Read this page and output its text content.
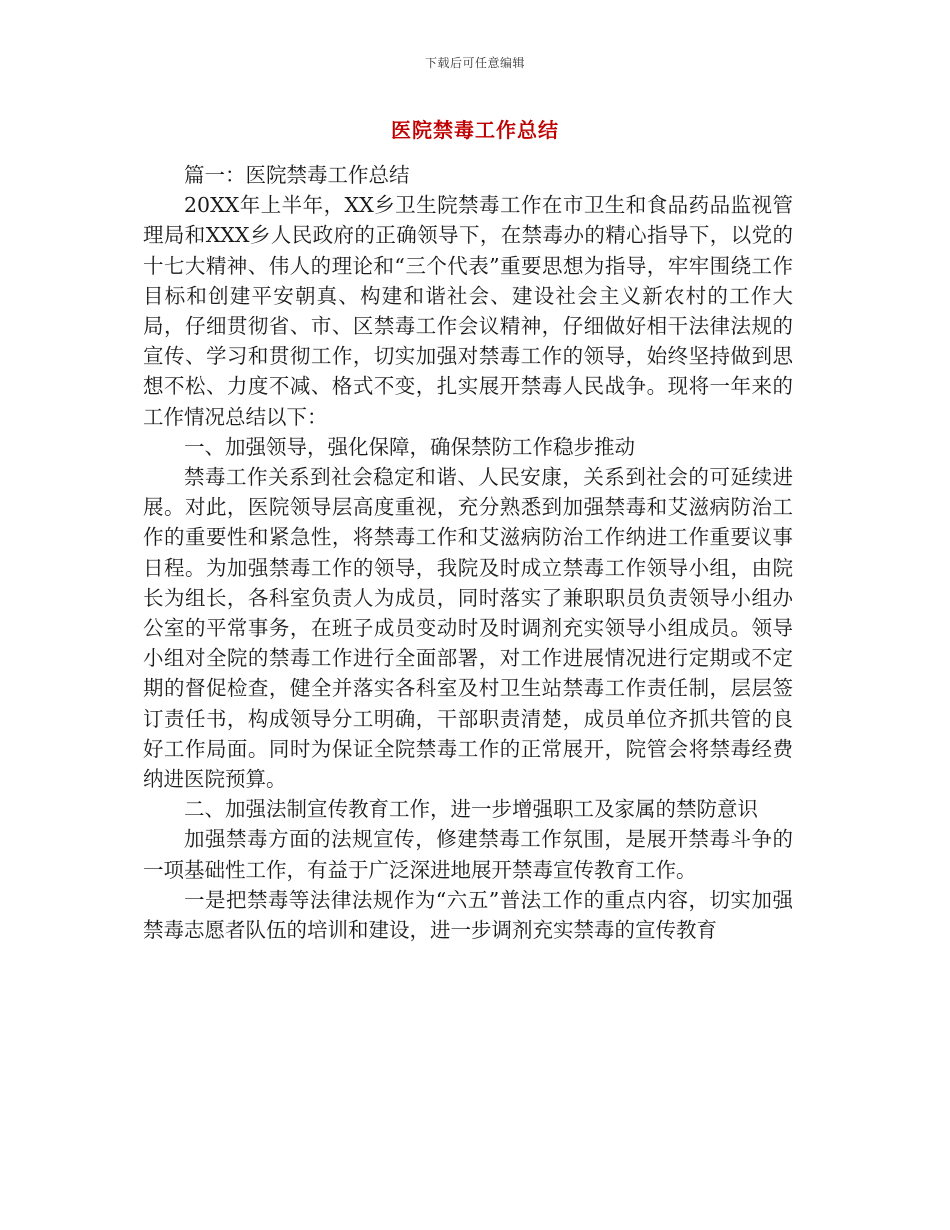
下载后可任意编辑
医院禁毒工作总结

篇一：医院禁毒工作总结

20XX年上半年，XX乡卫生院禁毒工作在市卫生和食品药品监视管理局和XXX乡人民政府的正确领导下，在禁毒办的精心指导下，以党的十七大精神、伟人的理论和“三个代表”重要思想为指导，牢牢围绕工作目标和创建平安朝真、构建和谐社会、建设社会主义新农村的工作大局，仔细贯彻省、市、区禁毒工作会议精神，仔细做好相干法律法规的宣传、学习和贯彻工作，切实加强对禁毒工作的领导，始终坚持做到思想不松、力度不减、格式不变，扎实展开禁毒人民战争。现将一年来的工作情况总结以下：

一、加强领导，强化保障，确保禁防工作稳步推动

禁毒工作关系到社会稳定和谐、人民安康，关系到社会的可延续进展。对此，医院领导层高度重视，充分熟悉到加强禁毒和艾滋病防治工作的重要性和紧急性，将禁毒工作和艾滋病防治工作纳进工作重要议事日程。为加强禁毒工作的领导，我院及时成立禁毒工作领导小组，由院长为组长，各科室负责人为成员，同时落实了兼职职员负责领导小组办公室的平常事务，在班子成员变动时及时调剂充实领导小组成员。领导小组对全院的禁毒工作进行全面部署，对工作进展情况进行定期或不定期的督促检查，健全并落实各科室及村卫生站禁毒工作责任制，层层签订责任书，构成领导分工明确，干部职责清楚，成员单位齐抓共管的良好工作局面。同时为保证全院禁毒工作的正常展开，院管会将禁毒经费纳进医院预算。

二、加强法制宣传教育工作，进一步增强职工及家属的禁防意识

加强禁毒方面的法规宣传，修建禁毒工作氛围，是展开禁毒斗争的一项基础性工作，有益于广泛深进地展开禁毒宣传教育工作。

一是把禁毒等法律法规作为“六五”普法工作的重点内容，切实加强禁毒志愿者队伍的培训和建设，进一步调剂充实禁毒的宣传教育
